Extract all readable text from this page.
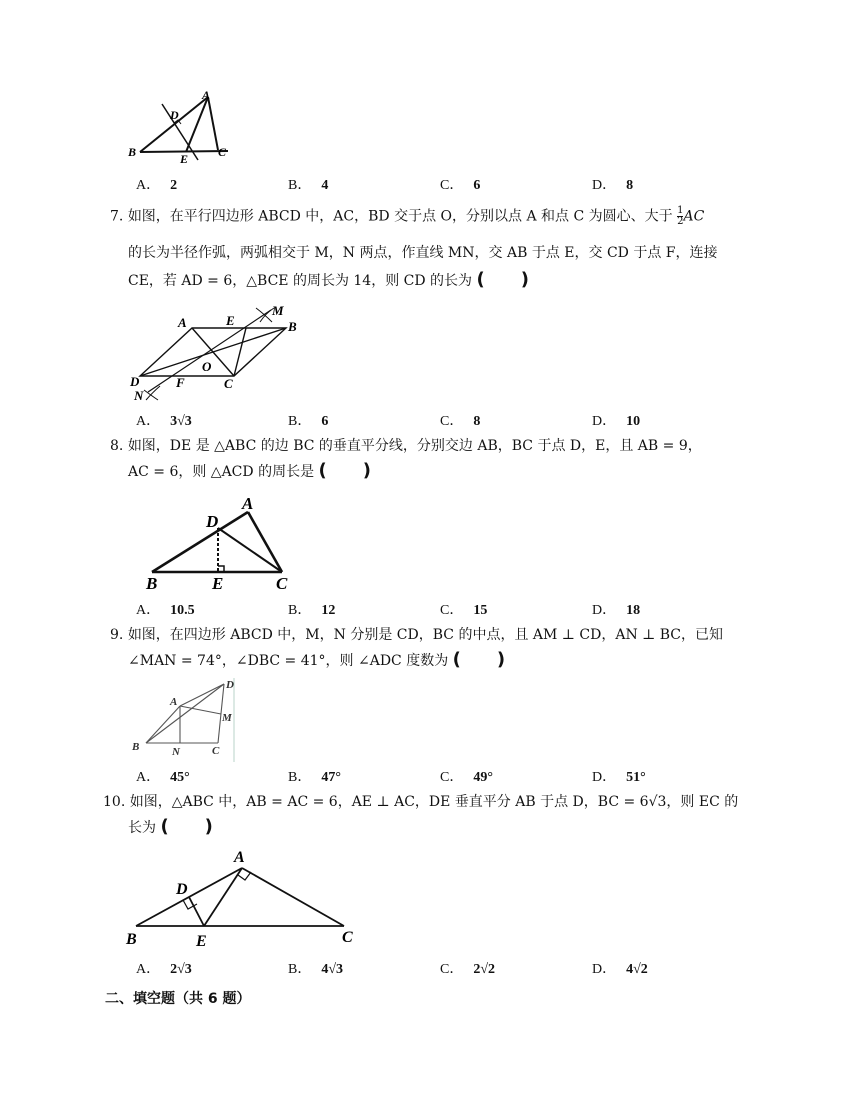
A
D
B	E C
A． 2	B． 4	C． 6	D． 8
7. 如图，在平行四边形 ABCD 中，AC，BD 交于点 O，分别以点 A 和点 C 为圆心、大于 $\frac{1}{2}$ AC
的长为半径作弧，两弧相交于 M，N 两点，作直线 MN，交 AB 于点 E，交 CD 于点 F，连接
CE，若 AD = 6，△BCE 的周长为 14，则 CD 的长为 (　　)
A	E
M
B
O
D	F	C
N
A． 3√3	B． 6	C． 8	D． 10
8. 如图，DE 是 △ABC 的边 BC 的垂直平分线，分别交边 AB，BC 于点 D，E，且 AB = 9，
AC = 6，则 △ACD 的周长是 (　　)
A
D
B	E	C
A． 10.5	B． 12	C． 15	D． 18
9. 如图，在四边形 ABCD 中，M，N 分别是 CD，BC 的中点，且 AM ⊥ CD，AN ⊥ BC，已知
∠MAN = 74°，∠DBC = 41°，则 ∠ADC 度数为 (　　)
A
D
M
B	N	C
A． 45°	B． 47°	C． 49°	D． 51°
10. 如图，△ABC 中，AB = AC = 6，AE ⊥ AC，DE 垂直平分 AB 于点 D，BC = 6√3，则 EC 的
长为 (　　)
A
D
B	E	C
A． 2√3	B． 4√3	C． 2√2	D． 4√2
二、填空题（共 6 题）
